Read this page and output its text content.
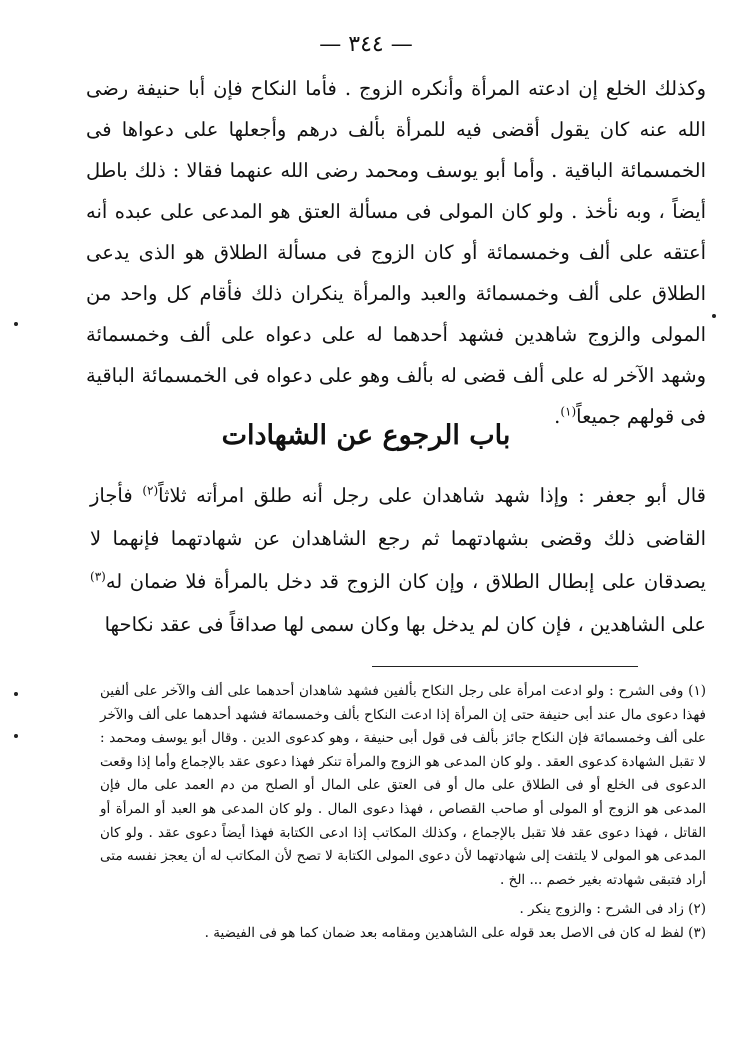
— ٣٤٤ —

وكذلك الخلع إن ادعته المرأة وأنكره الزوج . فأما النكاح فإن أبا حنيفة رضى الله عنه كان يقول أقضى فيه للمرأة بألف درهم وأجعلها على دعواها فى الخمسمائة الباقية . وأما أبو يوسف ومحمد رضى الله عنهما فقالا : ذلك باطل أيضاً ، وبه نأخذ . ولو كان المولى فى مسألة العتق هو المدعى على عبده أنه أعتقه على ألف وخمسمائة أو كان الزوج فى مسألة الطلاق هو الذى يدعى الطلاق على ألف وخمسمائة والعبد والمرأة ينكران ذلك فأقام كل واحد من المولى والزوج شاهدين فشهد أحدهما له على دعواه على ألف وخمسمائة وشهد الآخر له على ألف قضى له بألف وهو على دعواه فى الخمسمائة الباقية فى قولهم جميعاً$^{(١)}$.

باب الرجوع عن الشهادات

قال أبو جعفر : وإذا شهد شاهدان على رجل أنه طلق امرأته ثلاثاً$^{(٢)}$ فأجاز القاضى ذلك وقضى بشهادتهما ثم رجع الشاهدان عن شهادتهما فإنهما لا يصدقان على إبطال الطلاق ، وإن كان الزوج قد دخل بالمرأة فلا ضمان له$^{(٣)}$ على الشاهدين ، فإن كان لم يدخل بها وكان سمى لها صداقاً فى عقد نكاحها

(١) وفى الشرح : ولو ادعت امرأة على رجل النكاح بألفين فشهد شاهدان أحدهما على ألف والآخر على ألفين فهذا دعوى مال عند أبى حنيفة حتى إن المرأة إذا ادعت النكاح بألف وخمسمائة فشهد أحدهما على ألف والآخر على ألف وخمسمائة فإن النكاح جائز بألف فى قول أبى حنيفة ، وهو كدعوى الدين . وقال أبو يوسف ومحمد : لا تقبل الشهادة كدعوى العقد . ولو كان المدعى هو الزوج والمرأة تنكر فهذا دعوى عقد بالإجماع وأما إذا وقعت الدعوى فى الخلع أو فى الطلاق على مال أو فى العتق على المال أو الصلح من دم العمد على مال فإن المدعى هو الزوج أو المولى أو صاحب القصاص ، فهذا دعوى المال . ولو كان المدعى هو العبد أو المرأة أو القاتل ، فهذا دعوى عقد فلا تقبل بالإجماع ، وكذلك المكاتب إذا ادعى الكتابة فهذا أيضاً دعوى عقد . ولو كان المدعى هو المولى لا يلتفت إلى شهادتهما لأن دعوى المولى الكتابة لا تصح لأن المكاتب له أن يعجز نفسه متى أراد فتبقى شهادته بغير خصم ... الخ .

(٢) زاد فى الشرح : والزوج ينكر .

(٣) لفظ له كان فى الاصل بعد قوله على الشاهدين ومقامه بعد ضمان كما هو فى الفيضية .
